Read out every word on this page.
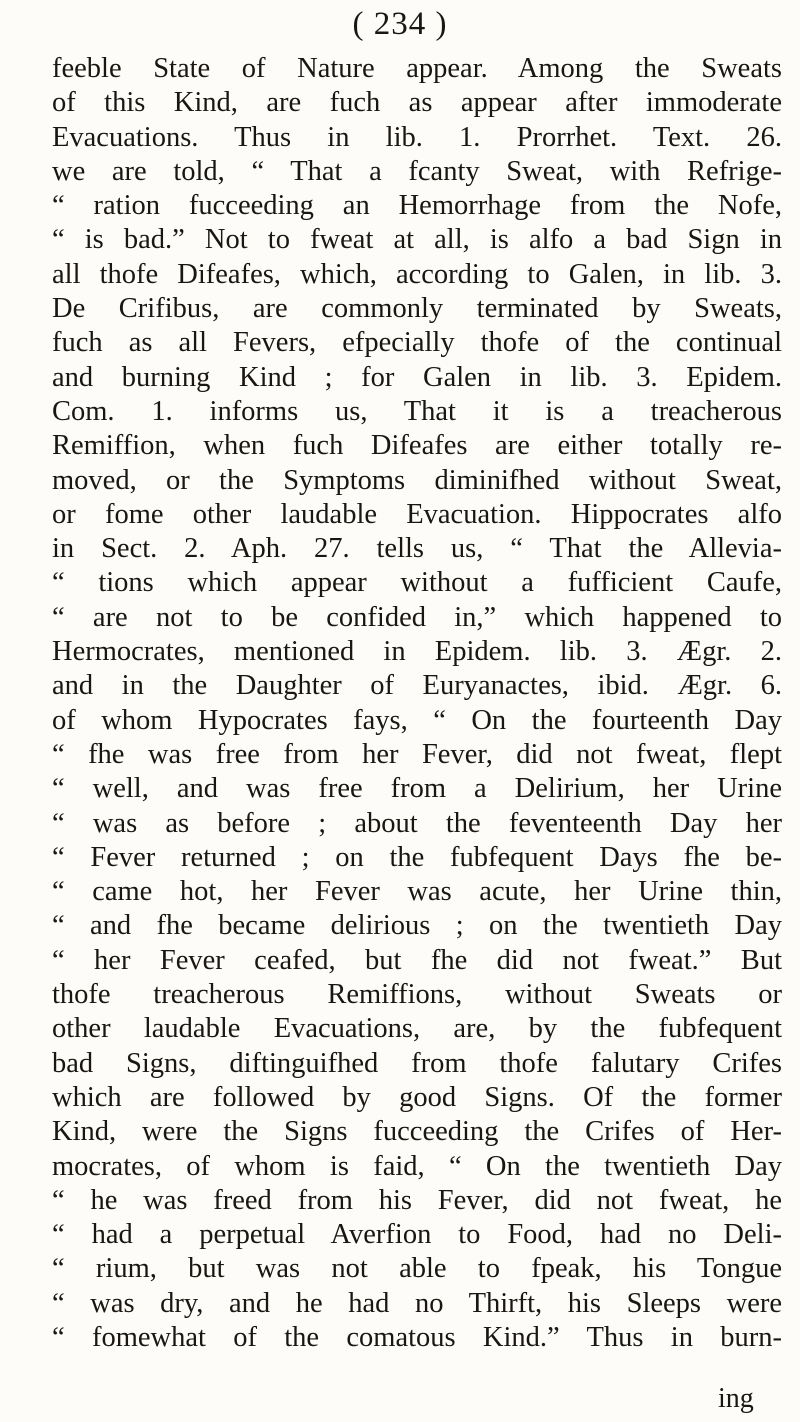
( 234 )
feeble State of Nature appear. Among the Sweats
of this Kind, are fuch as appear after immoderate
Evacuations. Thus in lib. 1. Prorrhet. Text. 26.
we are told, “ That a fcanty Sweat, with Refrige-
“ ration fucceeding an Hemorrhage from the Nofe,
“ is bad.” Not to fweat at all, is alfo a bad Sign in
all thofe Difeafes, which, according to Galen, in lib. 3.
De Crifibus, are commonly terminated by Sweats,
fuch as all Fevers, efpecially thofe of the continual
and burning Kind ; for Galen in lib. 3. Epidem.
Com. 1. informs us, That it is a treacherous
Remiffion, when fuch Difeafes are either totally re-
moved, or the Symptoms diminifhed without Sweat,
or fome other laudable Evacuation. Hippocrates alfo
in Sect. 2. Aph. 27. tells us, “ That the Allevia-
“ tions which appear without a fufficient Caufe,
“ are not to be confided in,” which happened to
Hermocrates, mentioned in Epidem. lib. 3. Ægr. 2.
and in the Daughter of Euryanactes, ibid. Ægr. 6.
of whom Hypocrates fays, “ On the fourteenth Day
“ fhe was free from her Fever, did not fweat, flept
“ well, and was free from a Delirium, her Urine
“ was as before ; about the feventeenth Day her
“ Fever returned ; on the fubfequent Days fhe be-
“ came hot, her Fever was acute, her Urine thin,
“ and fhe became delirious ; on the twentieth Day
“ her Fever ceafed, but fhe did not fweat.” But
thofe treacherous Remiffions, without Sweats or
other laudable Evacuations, are, by the fubfequent
bad Signs, diftinguifhed from thofe falutary Crifes
which are followed by good Signs. Of the former
Kind, were the Signs fucceeding the Crifes of Her-
mocrates, of whom is faid, “ On the twentieth Day
“ he was freed from his Fever, did not fweat, he
“ had a perpetual Averfion to Food, had no Deli-
“ rium, but was not able to fpeak, his Tongue
“ was dry, and he had no Thirft, his Sleeps were
“ fomewhat of the comatous Kind.” Thus in burn-
ing
